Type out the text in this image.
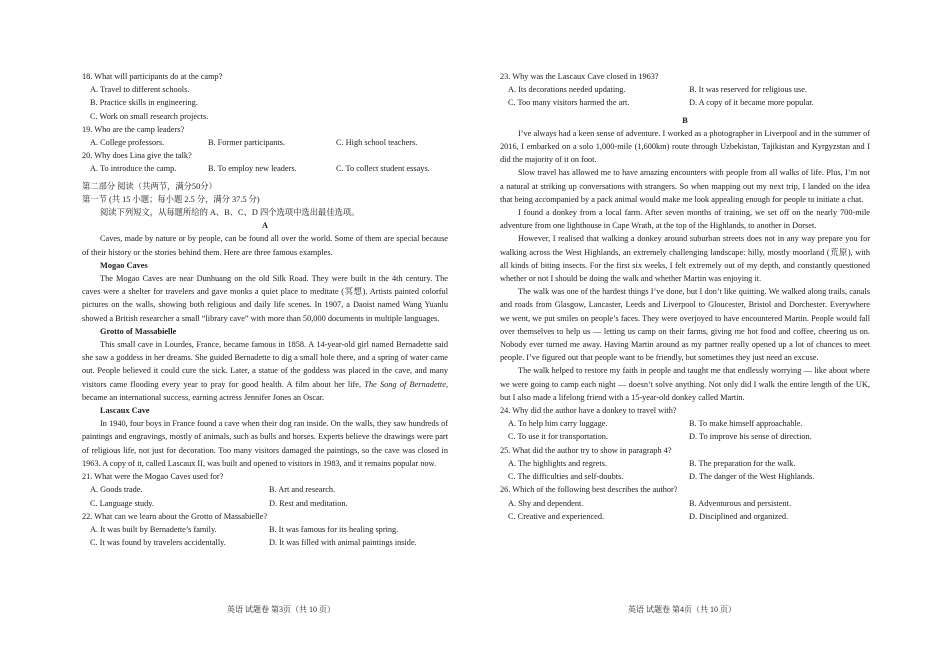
18. What will participants do at the camp?

A. Travel to different schools.
B. Practice skills in engineering.
C. Work on small research projects.

19. Who are the camp leaders?

A. College professors.	B. Former participants.	C. High school teachers.

20. Why does Lina give the talk?

A. To introduce the camp.	B. To employ new leaders.	C. To collect student essays.

第二部分 阅读（共两节，满分50分）

第一节 (共 15 小题；每小题 2.5 分，满分 37.5 分)

阅读下列短文，从每题所给的 A、B、C、D 四个选项中选出最佳选项。

A

Caves, made by nature or by people, can be found all over the world. Some of them are special because of their history or the stories behind them. Here are three famous examples.

Mogao Caves

The Mogao Caves are near Dunhuang on the old Silk Road. They were built in the 4th century. The caves were a shelter for travelers and gave monks a quiet place to meditate (冥想). Artists painted colorful pictures on the walls, showing both religious and daily life scenes. In 1907, a Daoist named Wang Yuanlu showed a British researcher a small “library cave” with more than 50,000 documents in multiple languages.

Grotto of Massabielle

This small cave in Lourdes, France, became famous in 1858. A 14-year-old girl named Bernadette said she saw a goddess in her dreams. She guided Bernadette to dig a small hole there, and a spring of water came out. People believed it could cure the sick. Later, a statue of the goddess was placed in the cave, and many visitors came flooding every year to pray for good health. A film about her life, The Song of Bernadette, became an international success, earning actress Jennifer Jones an Oscar.

Lascaux Cave

In 1940, four boys in France found a cave when their dog ran inside. On the walls, they saw hundreds of paintings and engravings, mostly of animals, such as bulls and horses. Experts believe the drawings were part of religious life, not just for decoration. Too many visitors damaged the paintings, so the cave was closed in 1963. A copy of it, called Lascaux II, was built and opened to visitors in 1983, and it remains popular now.

21. What were the Mogao Caves used for?

A. Goods trade.	B. Art and research.
C. Language study.	D. Rest and meditation.

22. What can we learn about the Grotto of Massabielle?

A. It was built by Bernadette’s family.	B. It was famous for its healing spring.
C. It was found by travelers accidentally.	D. It was filled with animal paintings inside.

23. Why was the Lascaux Cave closed in 1963?

A. Its decorations needed updating.	B. It was reserved for religious use.
C. Too many visitors harmed the art.	D. A copy of it became more popular.

B

I’ve always had a keen sense of adventure. I worked as a photographer in Liverpool and in the summer of 2016, I embarked on a solo 1,000-mile (1,600km) route through Uzbekistan, Tajikistan and Kyrgyzstan and I did the majority of it on foot.

Slow travel has allowed me to have amazing encounters with people from all walks of life. Plus, I’m not a natural at striking up conversations with strangers. So when mapping out my next trip, I landed on the idea that being accompanied by a pack animal would make me look appealing enough for people to initiate a chat.

I found a donkey from a local farm. After seven months of training, we set off on the nearly 700-mile adventure from one lighthouse in Cape Wrath, at the top of the Highlands, to another in Dorset.

However, I realised that walking a donkey around suburban streets does not in any way prepare you for walking across the West Highlands, an extremely challenging landscape: hilly, mostly moorland (荒原), with all kinds of biting insects. For the first six weeks, I felt extremely out of my depth, and constantly questioned whether or not I should be doing the walk and whether Martin was enjoying it.

The walk was one of the hardest things I’ve done, but I don’t like quitting. We walked along trails, canals and roads from Glasgow, Lancaster, Leeds and Liverpool to Gloucester, Bristol and Dorchester. Everywhere we went, we put smiles on people’s faces. They were overjoyed to have encountered Martin. People would fall over themselves to help us — letting us camp on their farms, giving me hot food and coffee, cheering us on. Nobody ever turned me away. Having Martin around as my partner really opened up a lot of chances to meet people. I’ve figured out that people want to be friendly, but sometimes they just need an excuse.

The walk helped to restore my faith in people and taught me that endlessly worrying — like about where we were going to camp each night — doesn’t solve anything. Not only did I walk the entire length of the UK, but I also made a lifelong friend with a 15-year-old donkey called Martin.

24. Why did the author have a donkey to travel with?

A. To help him carry luggage.	B. To make himself approachable.
C. To use it for transportation.	D. To improve his sense of direction.

25. What did the author try to show in paragraph 4?

A. The highlights and regrets.	B. The preparation for the walk.
C. The difficulties and self-doubts.	D. The danger of the West Highlands.

26. Which of the following best describes the author?

A. Shy and dependent.	B. Adventurous and persistent.
C. Creative and experienced.	D. Disciplined and organized.
英语 试题卷 第3页（共 10 页）	英语 试题卷 第4页（共 10 页）
